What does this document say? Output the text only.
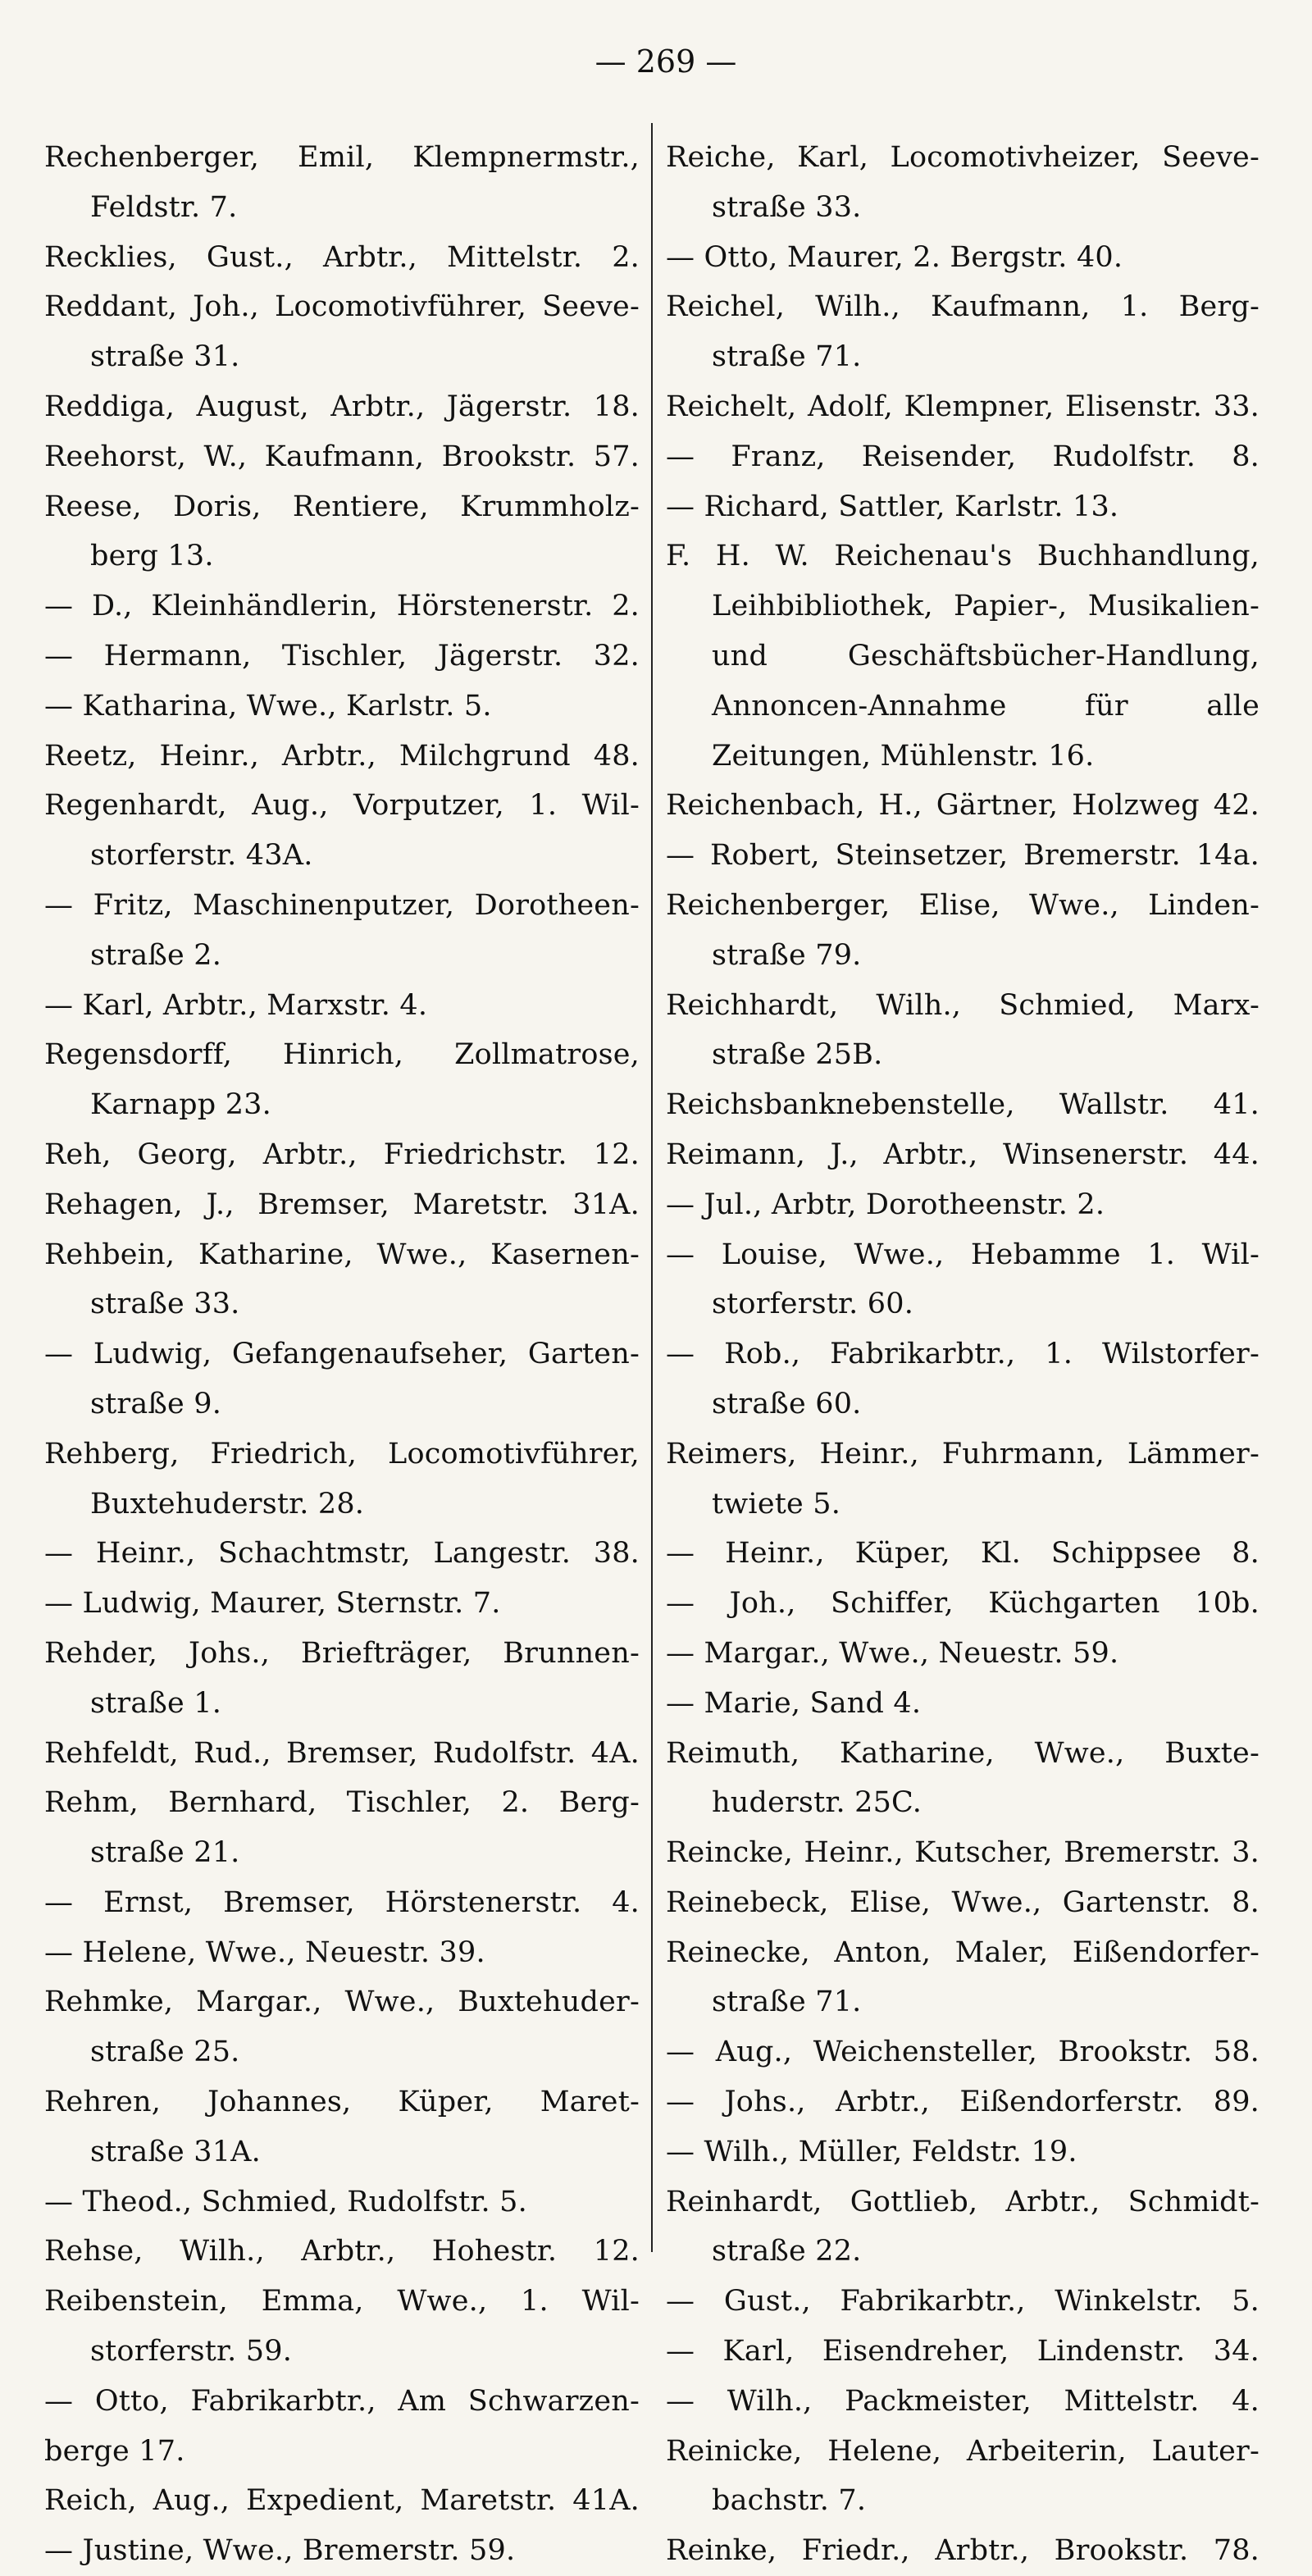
— 269 —
Rechenberger, Emil, Klempnermstr.,
Feldstr. 7.
Recklies, Gust., Arbtr., Mittelstr. 2.
Reddant, Joh., Locomotivführer, Seeve-
straße 31.
Reddiga, August, Arbtr., Jägerstr. 18.
Reehorst, W., Kaufmann, Brookstr. 57.
Reese, Doris, Rentiere, Krummholz-
berg 13.
— D., Kleinhändlerin, Hörstenerstr. 2.
— Hermann, Tischler, Jägerstr. 32.
— Katharina, Wwe., Karlstr. 5.
Reetz, Heinr., Arbtr., Milchgrund 48.
Regenhardt, Aug., Vorputzer, 1. Wil-
storferstr. 43A.
— Fritz, Maschinenputzer, Dorotheen-
straße 2.
— Karl, Arbtr., Marxstr. 4.
Regensdorff, Hinrich, Zollmatrose,
Karnapp 23.
Reh, Georg, Arbtr., Friedrichstr. 12.
Rehagen, J., Bremser, Maretstr. 31A.
Rehbein, Katharine, Wwe., Kasernen-
straße 33.
— Ludwig, Gefangenaufseher, Garten-
straße 9.
Rehberg, Friedrich, Locomotivführer,
Buxtehuderstr. 28.
— Heinr., Schachtmstr, Langestr. 38.
— Ludwig, Maurer, Sternstr. 7.
Rehder, Johs., Briefträger, Brunnen-
straße 1.
Rehfeldt, Rud., Bremser, Rudolfstr. 4A.
Rehm, Bernhard, Tischler, 2. Berg-
straße 21.
— Ernst, Bremser, Hörstenerstr. 4.
— Helene, Wwe., Neuestr. 39.
Rehmke, Margar., Wwe., Buxtehuder-
straße 25.
Rehren, Johannes, Küper, Maret-
straße 31A.
— Theod., Schmied, Rudolfstr. 5.
Rehse, Wilh., Arbtr., Hohestr. 12.
Reibenstein, Emma, Wwe., 1. Wil-
storferstr. 59.
— Otto, Fabrikarbtr., Am Schwarzen-
berge 17.
Reich, Aug., Expedient, Maretstr. 41A.
— Justine, Wwe., Bremerstr. 59.
Reiche, Karl, Locomotivheizer, Seeve-
straße 33.
— Otto, Maurer, 2. Bergstr. 40.
Reichel, Wilh., Kaufmann, 1. Berg-
straße 71.
Reichelt, Adolf, Klempner, Elisenstr. 33.
— Franz, Reisender, Rudolfstr. 8.
— Richard, Sattler, Karlstr. 13.
F. H. W. Reichenau's Buchhandlung,
Leihbibliothek, Papier-, Musikalien-
und Geschäftsbücher-Handlung,
Annoncen-Annahme für alle
Zeitungen, Mühlenstr. 16.
Reichenbach, H., Gärtner, Holzweg 42.
— Robert, Steinsetzer, Bremerstr. 14a.
Reichenberger, Elise, Wwe., Linden-
straße 79.
Reichhardt, Wilh., Schmied, Marx-
straße 25B.
Reichsbanknebenstelle, Wallstr. 41.
Reimann, J., Arbtr., Winsenerstr. 44.
— Jul., Arbtr, Dorotheenstr. 2.
— Louise, Wwe., Hebamme 1. Wil-
storferstr. 60.
— Rob., Fabrikarbtr., 1. Wilstorfer-
straße 60.
Reimers, Heinr., Fuhrmann, Lämmer-
twiete 5.
— Heinr., Küper, Kl. Schippsee 8.
— Joh., Schiffer, Küchgarten 10b.
— Margar., Wwe., Neuestr. 59.
— Marie, Sand 4.
Reimuth, Katharine, Wwe., Buxte-
huderstr. 25C.
Reincke, Heinr., Kutscher, Bremerstr. 3.
Reinebeck, Elise, Wwe., Gartenstr. 8.
Reinecke, Anton, Maler, Eißendorfer-
straße 71.
— Aug., Weichensteller, Brookstr. 58.
— Johs., Arbtr., Eißendorferstr. 89.
— Wilh., Müller, Feldstr. 19.
Reinhardt, Gottlieb, Arbtr., Schmidt-
straße 22.
— Gust., Fabrikarbtr., Winkelstr. 5.
— Karl, Eisendreher, Lindenstr. 34.
— Wilh., Packmeister, Mittelstr. 4.
Reinicke, Helene, Arbeiterin, Lauter-
bachstr. 7.
Reinke, Friedr., Arbtr., Brookstr. 78.
